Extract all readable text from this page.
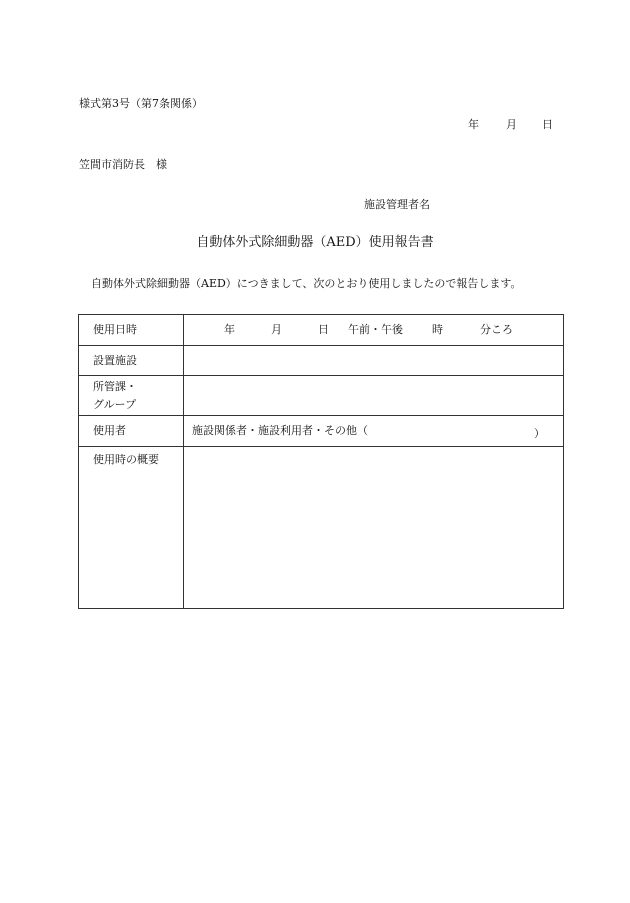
様式第3号（第7条関係）
年 月 日
笠間市消防長　様
施設管理者名
自動体外式除細動器（AED）使用報告書
自動体外式除細動器（AED）につきまして、次のとおり使用しましたので報告します。
使用日時	年 月 日 午前・午後 時 分ころ
設置施設	
所管課・
グループ	
使用者	施設関係者・施設利用者・その他（ ）

使用時の概要	
